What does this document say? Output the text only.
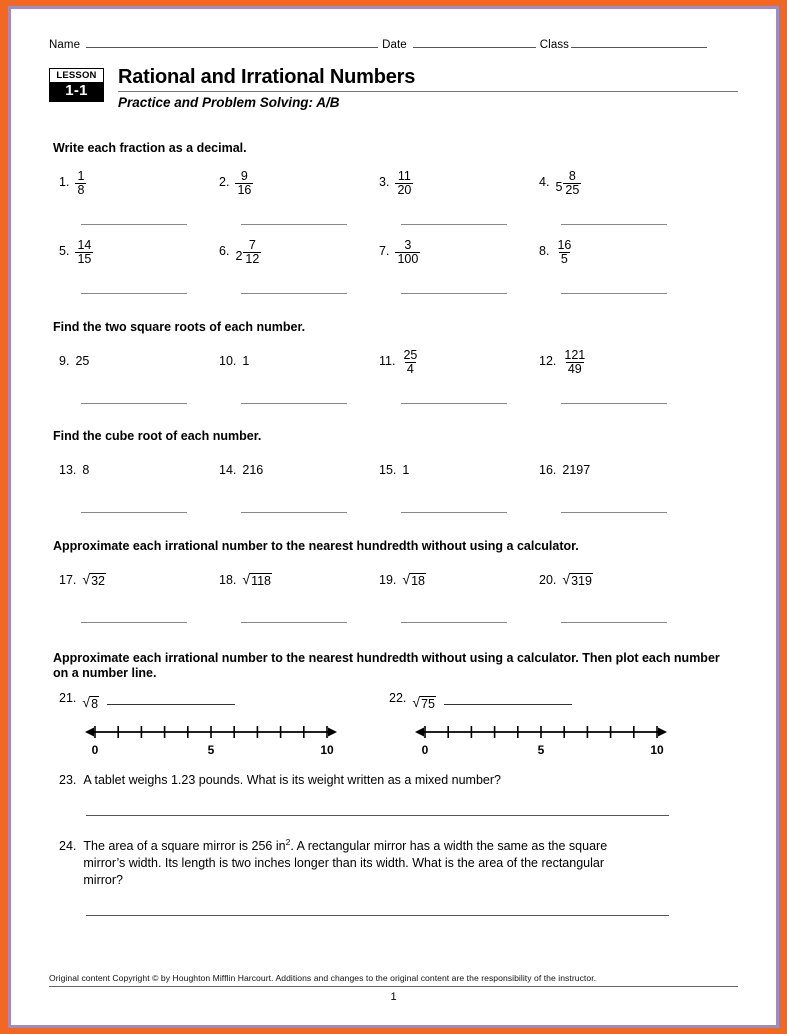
Name	Date	Class
LESSON
1-1
Rational and Irrational Numbers
Practice and Problem Solving: A/B
Write each fraction as a decimal.
1. $\frac{1}{8}$	2. $\frac{9}{16}$	3. $\frac{11}{20}$	4. $5 \frac{8}{25}$
5. $\frac{14}{15}$	6. $2 \frac{7}{12}$	7. $\frac{3}{100}$	8. $\frac{16}{5}$
Find the two square roots of each number.
9. 25	10. 1	11. $\frac{25}{4}$	12. $\frac{121}{49}$
Find the cube root of each number.
13. 8	14. 216	15. 1	16. 2197
Approximate each irrational number to the nearest hundredth without using a calculator.
17. √ 32	18. √ 118	19. √ 18	20. √ 319
Approximate each irrational number to the nearest hundredth without using a calculator. Then plot each number on a number line.
21. √ 8
0	5	10
22. √ 75
0	5	10
23. A tablet weighs 1.23 pounds. What is its weight written as a mixed number?
24. The area of a square mirror is 256 $in^2$. A rectangular mirror has a width the same as the square mirror’s width. Its length is two inches longer than its width. What is the area of the rectangular mirror?
Original content Copyright © by Houghton Mifflin Harcourt. Additions and changes to the original content are the responsibility of the instructor.
1
